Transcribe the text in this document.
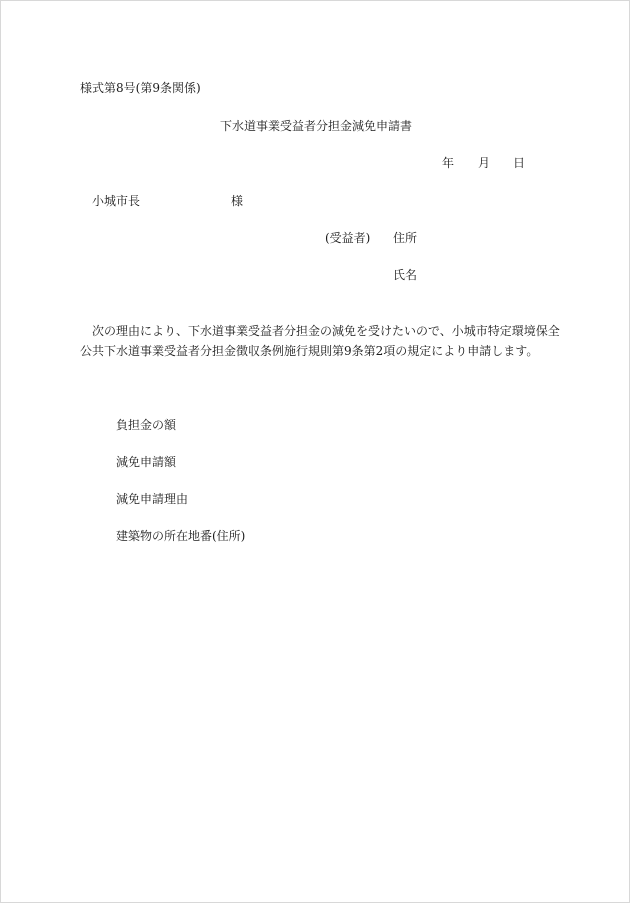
様式第8号(第9条関係)
下水道事業受益者分担金減免申請書
年 月 日
小城市長	様
(受益者) 住所
氏名
次の理由により、下水道事業受益者分担金の減免を受けたいので、小城市特定環境保全
公共下水道事業受益者分担金徴収条例施行規則第9条第2項の規定により申請します。
負担金の額
減免申請額
減免申請理由
建築物の所在地番(住所)
